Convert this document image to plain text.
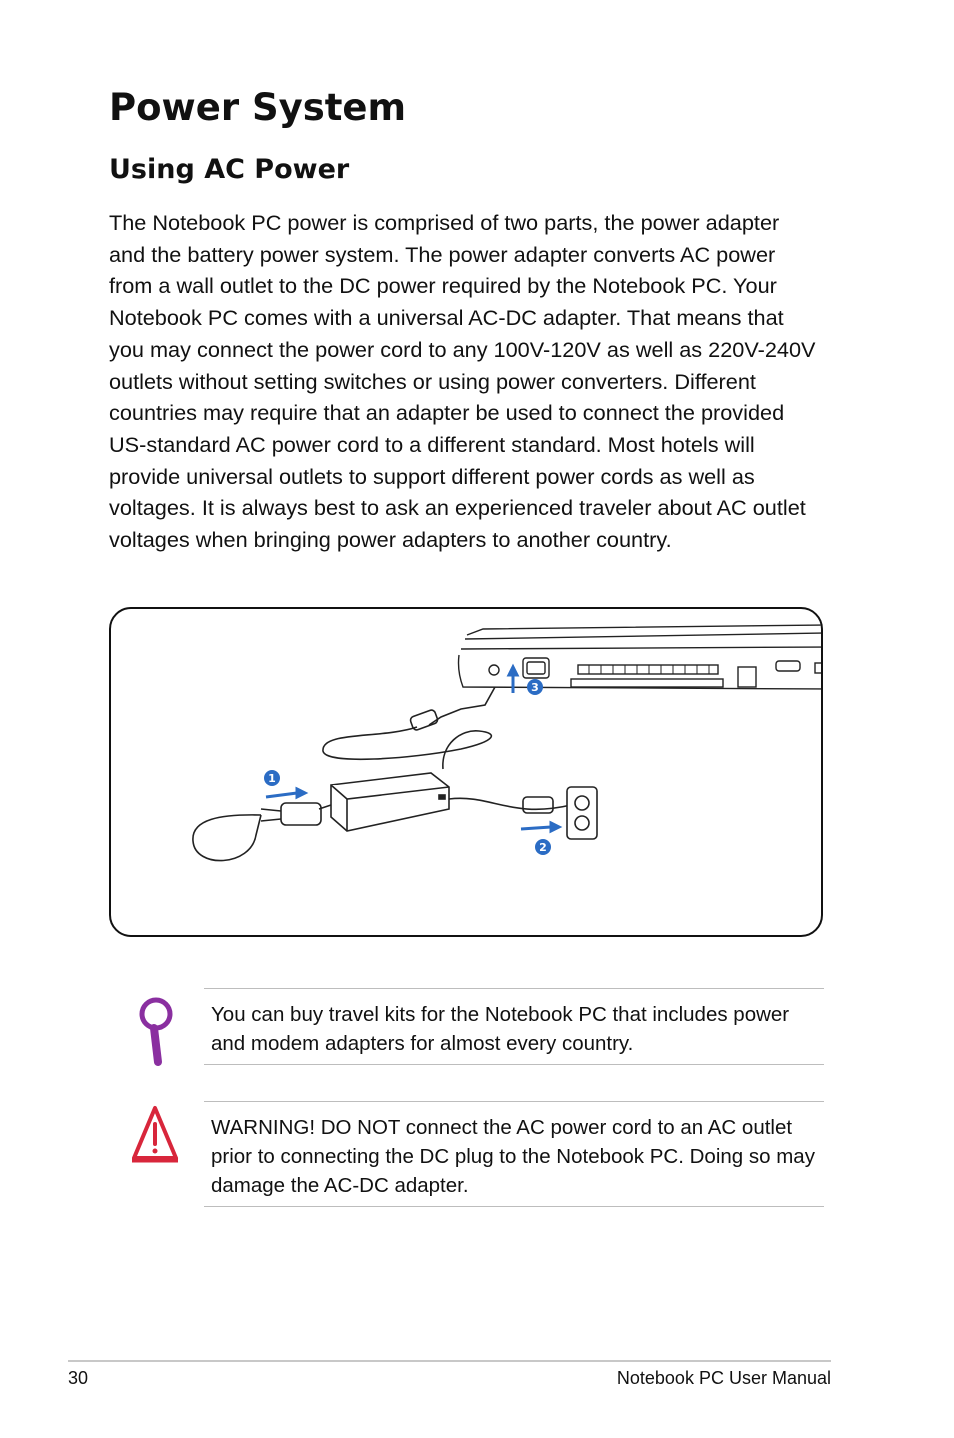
Power System
Using AC Power

The Notebook PC power is comprised of two parts, the power adapter and the battery power system. The power adapter converts AC power from a wall outlet to the DC power required by the Notebook PC. Your Notebook PC comes with a universal AC-DC adapter. That means that you may connect the power cord to any 100V-120V as well as 220V-240V outlets without setting switches or using power converters. Different countries may require that an adapter be used to connect the provided US-standard AC power cord to a different standard. Most hotels will provide universal outlets to support different power cords as well as voltages. It is always best to ask an experienced traveler about AC outlet voltages when bringing power adapters to another country.

1
2
3

You can buy travel kits for the Notebook PC that includes power and modem adapters for almost every country.

WARNING! DO NOT connect the AC power cord to an AC outlet prior to connecting the DC plug to the Notebook PC. Doing so may damage the AC-DC adapter.

30	Notebook PC User Manual
